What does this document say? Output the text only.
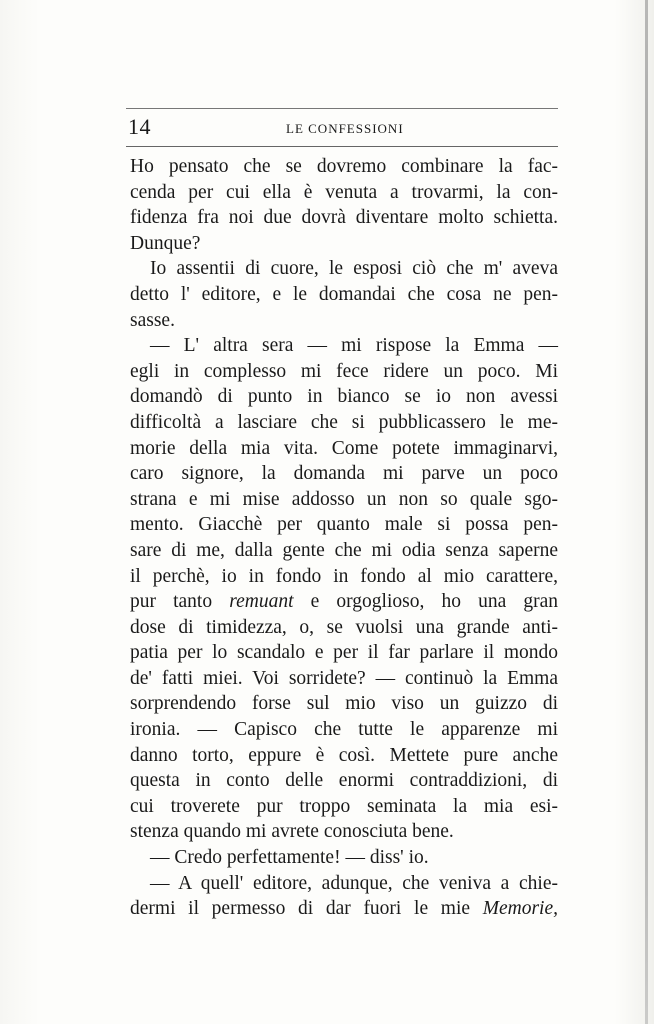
14	LE CONFESSIONI
Ho pensato che se dovremo combinare la fac-
cenda per cui ella è venuta a trovarmi, la con-
fidenza fra noi due dovrà diventare molto schietta.
Dunque?
Io assentii di cuore, le esposi ciò che m' aveva
detto l' editore, e le domandai che cosa ne pen-
sasse.
— L' altra sera — mi rispose la Emma —
egli in complesso mi fece ridere un poco. Mi
domandò di punto in bianco se io non avessi
difficoltà a lasciare che si pubblicassero le me-
morie della mia vita. Come potete immaginarvi,
caro signore, la domanda mi parve un poco
strana e mi mise addosso un non so quale sgo-
mento. Giacchè per quanto male si possa pen-
sare di me, dalla gente che mi odia senza saperne
il perchè, io in fondo in fondo al mio carattere,
pur tanto remuant e orgoglioso, ho una gran
dose di timidezza, o, se vuolsi una grande anti-
patia per lo scandalo e per il far parlare il mondo
de' fatti miei. Voi sorridete? — continuò la Emma
sorprendendo forse sul mio viso un guizzo di
ironia. — Capisco che tutte le apparenze mi
danno torto, eppure è così. Mettete pure anche
questa in conto delle enormi contraddizioni, di
cui troverete pur troppo seminata la mia esi-
stenza quando mi avrete conosciuta bene.
— Credo perfettamente! — diss' io.
— A quell' editore, adunque, che veniva a chie-
dermi il permesso di dar fuori le mie Memorie,
